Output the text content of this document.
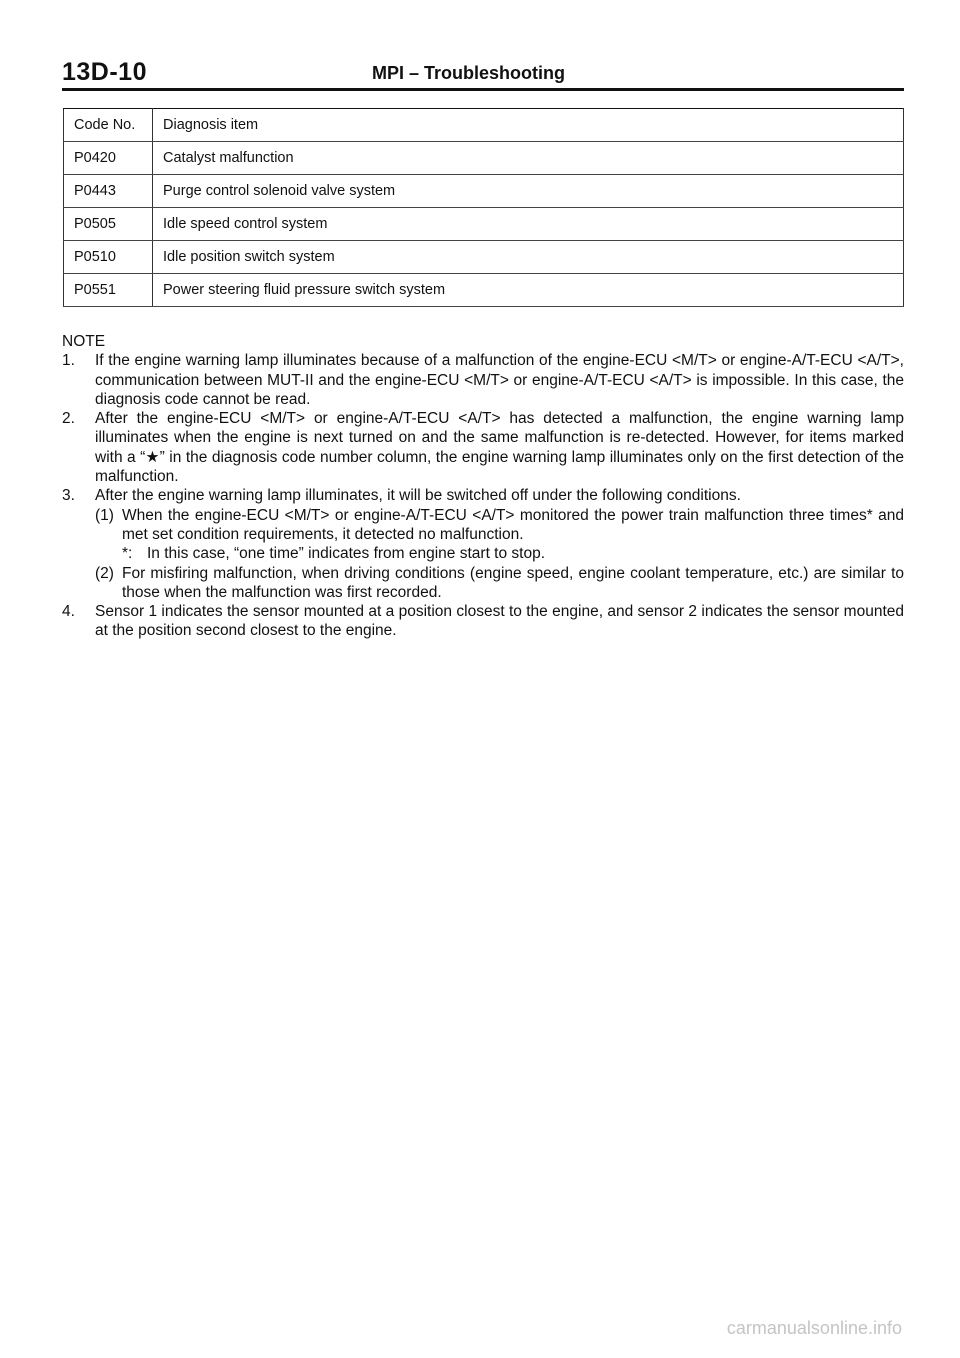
13D-10	MPI – Troubleshooting
Code No.	Diagnosis item
P0420	Catalyst malfunction
P0443	Purge control solenoid valve system
P0505	Idle speed control system
P0510	Idle position switch system
P0551	Power steering fluid pressure switch system
NOTE
1.	If the engine warning lamp illuminates because of a malfunction of the engine-ECU <M/T> or engine-A/T-ECU <A/T>, communication between MUT-II and the engine-ECU <M/T> or engine-A/T-ECU <A/T> is impossible. In this case, the diagnosis code cannot be read.
2.	After the engine-ECU <M/T> or engine-A/T-ECU <A/T> has detected a malfunction, the engine warning lamp illuminates when the engine is next turned on and the same malfunction is re-detected. However, for items marked with a “★” in the diagnosis code number column, the engine warning lamp illuminates only on the first detection of the malfunction.
3.	After the engine warning lamp illuminates, it will be switched off under the following conditions.
(1) When the engine-ECU <M/T> or engine-A/T-ECU <A/T> monitored the power train malfunction three times* and met set condition requirements, it detected no malfunction.
*: In this case, “one time” indicates from engine start to stop.
(2) For misfiring malfunction, when driving conditions (engine speed, engine coolant temperature, etc.) are similar to those when the malfunction was first recorded.
4.	Sensor 1 indicates the sensor mounted at a position closest to the engine, and sensor 2 indicates the sensor mounted at the position second closest to the engine.
carmanualsonline.info
